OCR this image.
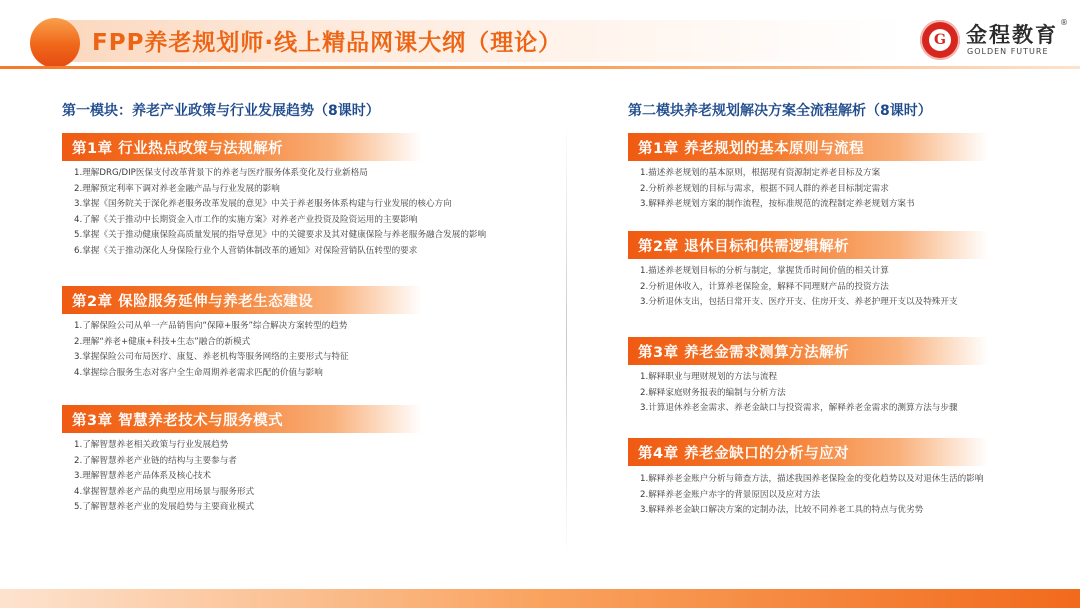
FPP养老规划师·线上精品网课大纲（理论）	G 金程教育
®
GOLDEN FUTURE
第一模块：养老产业政策与行业发展趋势（8课时）
第1章 行业热点政策与法规解析
1.理解DRG/DIP医保支付改革背景下的养老与医疗服务体系变化及行业新格局
2.理解预定利率下调对养老金融产品与行业发展的影响
3.掌握《国务院关于深化养老服务改革发展的意见》中关于养老服务体系构建与行业发展的核心方向
4.了解《关于推动中长期资金入市工作的实施方案》对养老产业投资及险资运用的主要影响
5.掌握《关于推动健康保险高质量发展的指导意见》中的关键要求及其对健康保险与养老服务融合发展的影响
6.掌握《关于推动深化人身保险行业个人营销体制改革的通知》对保险营销队伍转型的要求
第2章 保险服务延伸与养老生态建设
1.了解保险公司从单一产品销售向“保障+服务”综合解决方案转型的趋势
2.理解“养老+健康+科技+生态”融合的新模式
3.掌握保险公司布局医疗、康复、养老机构等服务网络的主要形式与特征
4.掌握综合服务生态对客户全生命周期养老需求匹配的价值与影响
第3章 智慧养老技术与服务模式
1.了解智慧养老相关政策与行业发展趋势
2.了解智慧养老产业链的结构与主要参与者
3.理解智慧养老产品体系及核心技术
4.掌握智慧养老产品的典型应用场景与服务形式
5.了解智慧养老产业的发展趋势与主要商业模式
第二模块养老规划解决方案全流程解析（8课时）
第1章 养老规划的基本原则与流程
1.描述养老规划的基本原则，根据现有资源制定养老目标及方案
2.分析养老规划的目标与需求，根据不同人群的养老目标制定需求
3.解释养老规划方案的制作流程，按标准规范的流程制定养老规划方案书
第2章 退休目标和供需逻辑解析
1.描述养老规划目标的分析与制定，掌握货币时间价值的相关计算
2.分析退休收入，计算养老保险金，解释不同理财产品的投资方法
3.分析退休支出，包括日常开支、医疗开支、住房开支、养老护理开支以及特殊开支
第3章 养老金需求测算方法解析
1.解释职业与理财规划的方法与流程
2.解释家庭财务报表的编制与分析方法
3.计算退休养老金需求、养老金缺口与投资需求，解释养老金需求的测算方法与步骤
第4章 养老金缺口的分析与应对
1.解释养老金账户分析与筛查方法，描述我国养老保险金的变化趋势以及对退休生活的影响
2.解释养老金账户赤字的背景原因以及应对方法
3.解释养老金缺口解决方案的定制办法，比较不同养老工具的特点与优劣势
